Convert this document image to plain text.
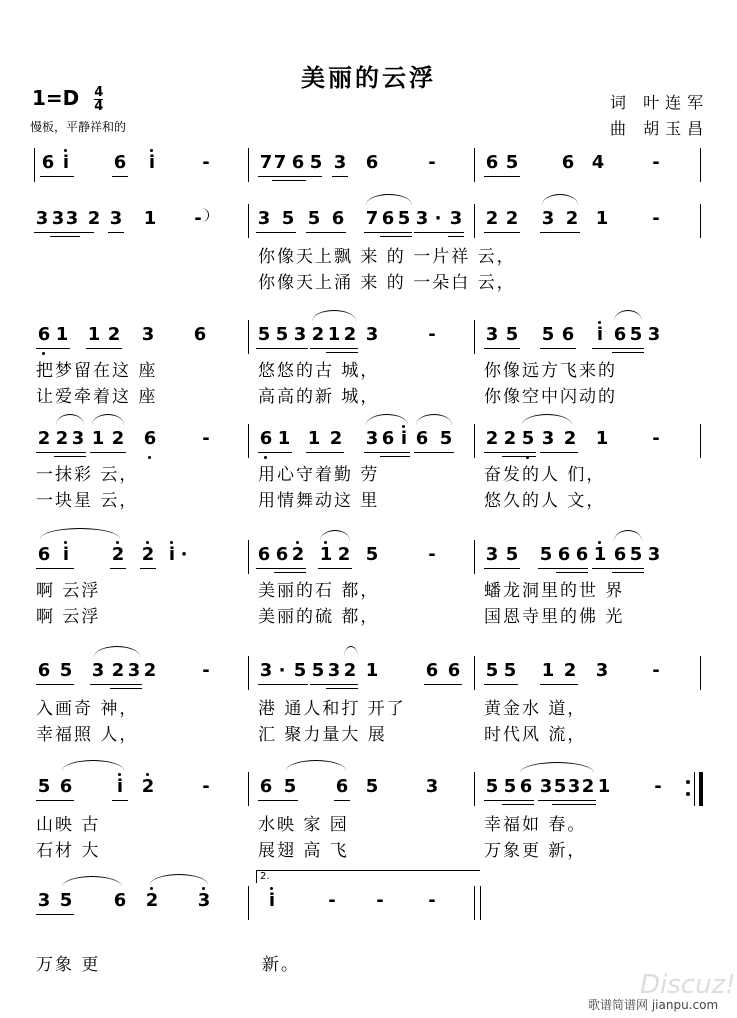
美丽的云浮
$1=D \frac{4}{4}$
慢板，平静祥和的
词 叶连军
曲 胡玉昌
6 i 6 i	-	7 7 6 5 3 6	-	6 5 6 4	-
3 3 3 2 3 1 -	3 5 5 6 7 6 5 3 · 3 2 2 3 2 1 -
你像天上飘 来 的 一片祥 云，
你像天上涌 来 的 一朵白 云，
6 1 1 2 3 6	5 5 3 2 1 2 3	-	3 5 5 6 i 6 5 3
把梦留在这 座	悠悠的古 城，	你像远方飞来的
让爱牵着这 座	高高的新 城，	你像空中闪动的
2 2 3 1 2 6	-	6 1 1 2 3 6 i 6 5 2 2 5 3 2 1 -
一抹彩 云，	用心守着勤 劳	奋发的人 们，
一块星 云，	用情舞动这 里	悠久的人 文，
6 i 2 2 i ·	6 6 2 1 2 5	-	3 5 5 6 6 1 6 5 3
啊 云浮	美丽的石 都，	蟠龙洞里的世 界
啊 云浮	美丽的硫 都，	国恩寺里的佛 光
6 5 3 2 3 2	-	3 · 5 5 3 2 1	6 6 5 5 1 2 3 -
入画奇 神，	港 通人和打 开了	黄金水 道，
幸福照 人，	汇 聚力量大 展	时代风 流，
5 6 i 2	-	6 5 6 5	3	5 5 6 3 5 3 2 1 -
山映 古	水映 家 园	幸福如 春。
石材 大	展翅 高 飞	万象更 新，
3 5 6 2 3
2.
i	- - -
万象 更	新。
Discuz!
歌谱简谱网 jianpu.com
